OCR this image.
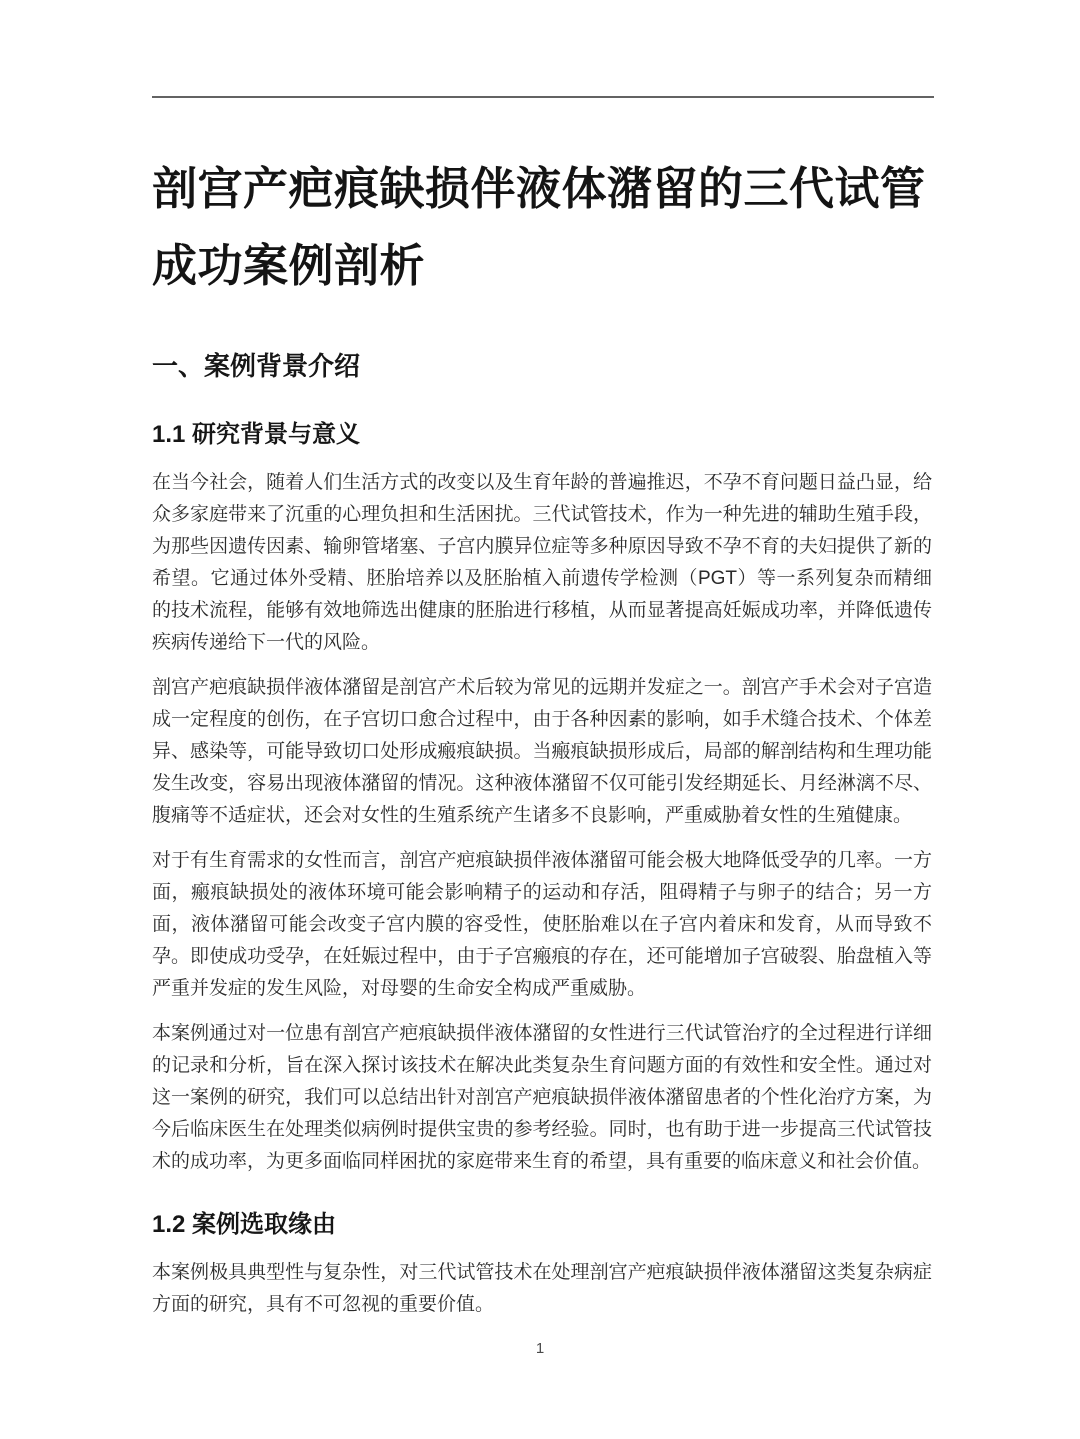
剖宫产疤痕缺损伴液体潴留的三代试管成功案例剖析
一、案例背景介绍
1.1 研究背景与意义

在当今社会，随着人们生活方式的改变以及生育年龄的普遍推迟，不孕不育问题日益凸显，给众多家庭带来了沉重的心理负担和生活困扰。三代试管技术，作为一种先进的辅助生殖手段，为那些因遗传因素、输卵管堵塞、子宫内膜异位症等多种原因导致不孕不育的夫妇提供了新的希望。它通过体外受精、胚胎培养以及胚胎植入前遗传学检测（PGT）等一系列复杂而精细的技术流程，能够有效地筛选出健康的胚胎进行移植，从而显著提高妊娠成功率，并降低遗传疾病传递给下一代的风险。

剖宫产疤痕缺损伴液体潴留是剖宫产术后较为常见的远期并发症之一。剖宫产手术会对子宫造成一定程度的创伤，在子宫切口愈合过程中，由于各种因素的影响，如手术缝合技术、个体差异、感染等，可能导致切口处形成瘢痕缺损。当瘢痕缺损形成后，局部的解剖结构和生理功能发生改变，容易出现液体潴留的情况。这种液体潴留不仅可能引发经期延长、月经淋漓不尽、腹痛等不适症状，还会对女性的生殖系统产生诸多不良影响，严重威胁着女性的生殖健康。

对于有生育需求的女性而言，剖宫产疤痕缺损伴液体潴留可能会极大地降低受孕的几率。一方面，瘢痕缺损处的液体环境可能会影响精子的运动和存活，阻碍精子与卵子的结合；另一方面，液体潴留可能会改变子宫内膜的容受性，使胚胎难以在子宫内着床和发育，从而导致不孕。即使成功受孕，在妊娠过程中，由于子宫瘢痕的存在，还可能增加子宫破裂、胎盘植入等严重并发症的发生风险，对母婴的生命安全构成严重威胁。

本案例通过对一位患有剖宫产疤痕缺损伴液体潴留的女性进行三代试管治疗的全过程进行详细的记录和分析，旨在深入探讨该技术在解决此类复杂生育问题方面的有效性和安全性。通过对这一案例的研究，我们可以总结出针对剖宫产疤痕缺损伴液体潴留患者的个性化治疗方案，为今后临床医生在处理类似病例时提供宝贵的参考经验。同时，也有助于进一步提高三代试管技术的成功率，为更多面临同样困扰的家庭带来生育的希望，具有重要的临床意义和社会价值。

1.2 案例选取缘由

本案例极具典型性与复杂性，对三代试管技术在处理剖宫产疤痕缺损伴液体潴留这类复杂病症方面的研究，具有不可忽视的重要价值。

1
